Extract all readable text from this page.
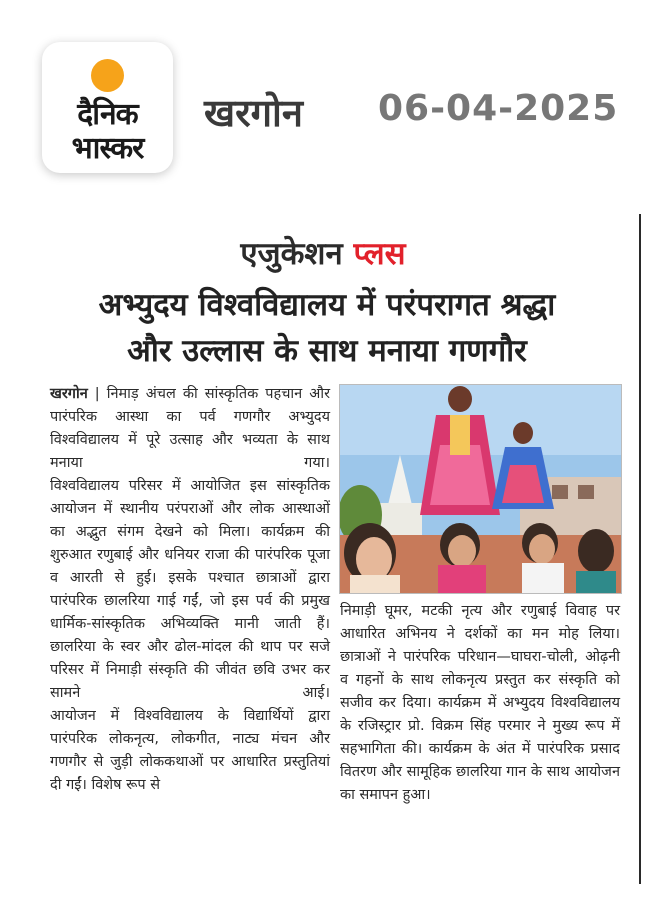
दैनिक
भास्कर
खरगोन 06-04-2025
एजुकेशन प्लस
अभ्युदय विश्वविद्यालय में परंपरागत श्रद्धा
और उल्लास के साथ मनाया गणगौर

खरगोन | निमाड़ अंचल की सांस्कृतिक पहचान और पारंपरिक आस्था का पर्व गणगौर अभ्युदय विश्वविद्यालय में पूरे उत्साह और भव्यता के साथ मनाया गया।

विश्वविद्यालय परिसर में आयोजित इस सांस्कृतिक आयोजन में स्थानीय परंपराओं और लोक आस्थाओं का अद्भुत संगम देखने को मिला। कार्यक्रम की शुरुआत रणुबाई और धनियर राजा की पारंपरिक पूजा व आरती से हुई। इसके पश्चात छात्राओं द्वारा पारंपरिक छालरिया गाई गईं, जो इस पर्व की प्रमुख धार्मिक-सांस्कृतिक अभिव्यक्ति मानी जाती हैं। छालरिया के स्वर और ढोल-मांदल की थाप पर सजे परिसर में निमाड़ी संस्कृति की जीवंत छवि उभर कर सामने आई।

आयोजन में विश्वविद्यालय के विद्यार्थियों द्वारा पारंपरिक लोकनृत्य, लोकगीत, नाट्य मंचन और गणगौर से जुड़ी लोककथाओं पर आधारित प्रस्तुतियां दी गईं। विशेष रूप से

निमाड़ी घूमर, मटकी नृत्य और रणुबाई विवाह पर आधारित अभिनय ने दर्शकों का मन मोह लिया। छात्राओं ने पारंपरिक परिधान—घाघरा-चोली, ओढ़नी व गहनों के साथ लोकनृत्य प्रस्तुत कर संस्कृति को सजीव कर दिया। कार्यक्रम में अभ्युदय विश्वविद्यालय के रजिस्ट्रार प्रो. विक्रम सिंह परमार ने मुख्य रूप में सहभागिता की। कार्यक्रम के अंत में पारंपरिक प्रसाद वितरण और सामूहिक छालरिया गान के साथ आयोजन का समापन हुआ।
